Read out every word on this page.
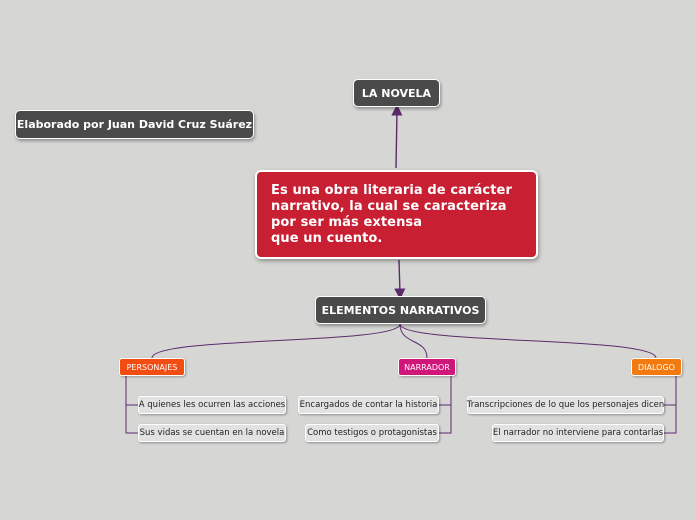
Elaborado por Juan David Cruz Suárez
LA NOVELA
Es una obra literaria de carácter
narrativo, la cual se caracteriza
por ser más extensa
que un cuento.
ELEMENTOS NARRATIVOS
PERSONAJES	NARRADOR	DIALOGO
A quienes les ocurren las acciones
Sus vidas se cuentan en la novela
Encargados de contar la historia
Como testigos o protagonistas
Transcripciones de lo que los personajes dicen
El narrador no interviene para contarlas
